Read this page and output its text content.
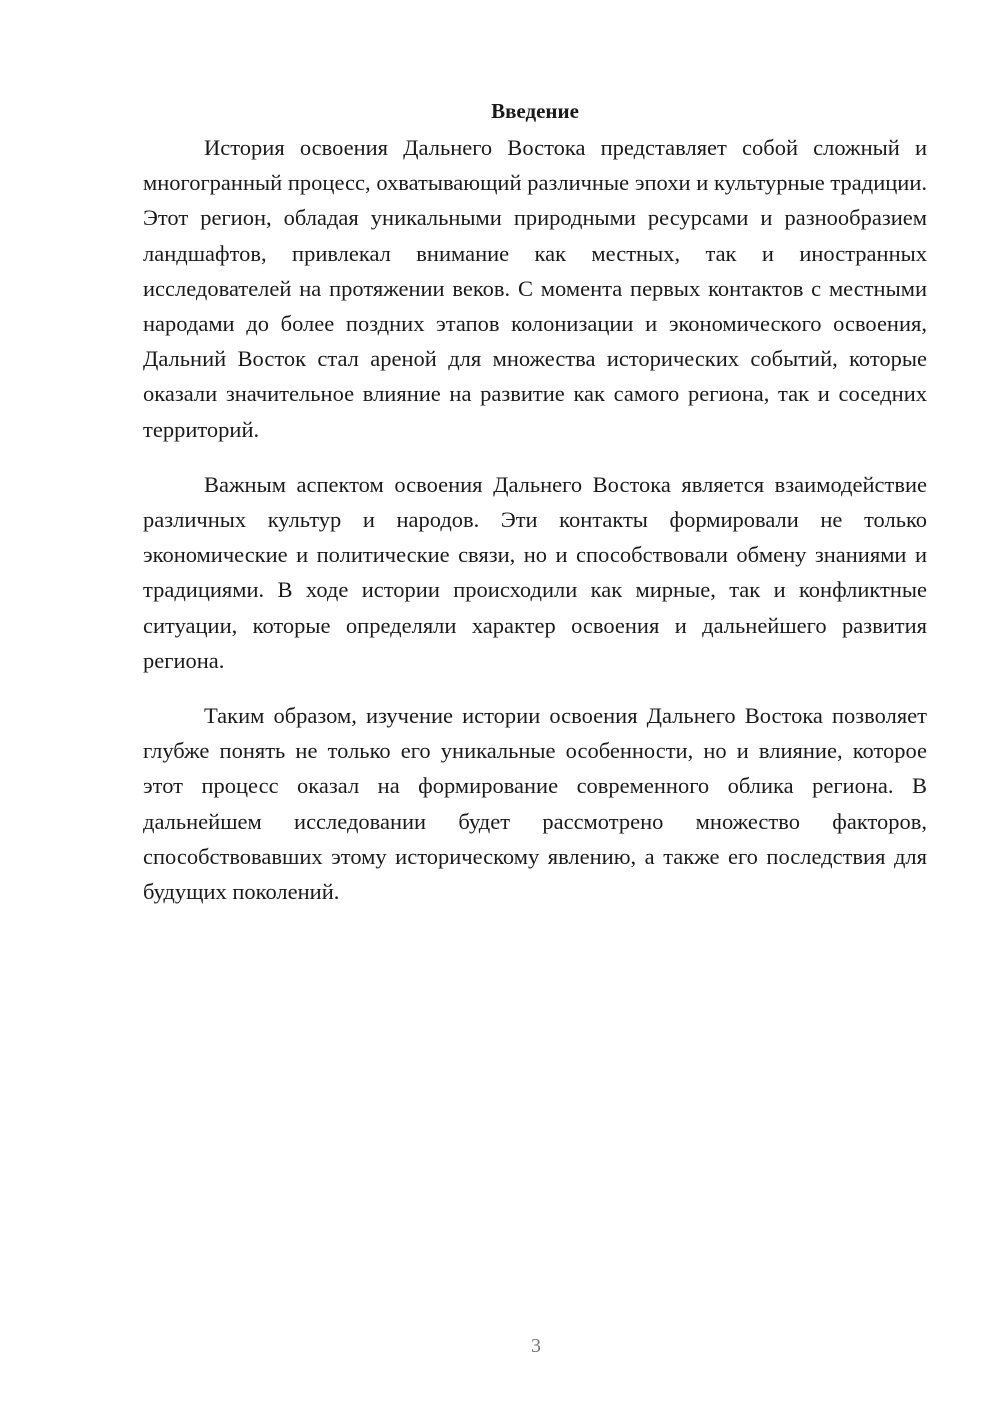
Введение

История освоения Дальнего Востока представляет собой сложный и многогранный процесс, охватывающий различные эпохи и культурные традиции. Этот регион, обладая уникальными природными ресурсами и разнообразием ландшафтов, привлекал внимание как местных, так и иностранных исследователей на протяжении веков. С момента первых контактов с местными народами до более поздних этапов колонизации и экономического освоения, Дальний Восток стал ареной для множества исторических событий, которые оказали значительное влияние на развитие как самого региона, так и соседних территорий.

Важным аспектом освоения Дальнего Востока является взаимодействие различных культур и народов. Эти контакты формировали не только экономические и политические связи, но и способствовали обмену знаниями и традициями. В ходе истории происходили как мирные, так и конфликтные ситуации, которые определяли характер освоения и дальнейшего развития региона.

Таким образом, изучение истории освоения Дальнего Востока позволяет глубже понять не только его уникальные особенности, но и влияние, которое этот процесс оказал на формирование современного облика региона. В дальнейшем исследовании будет рассмотрено множество факторов, способствовавших этому историческому явлению, а также его последствия для будущих поколений.

3
